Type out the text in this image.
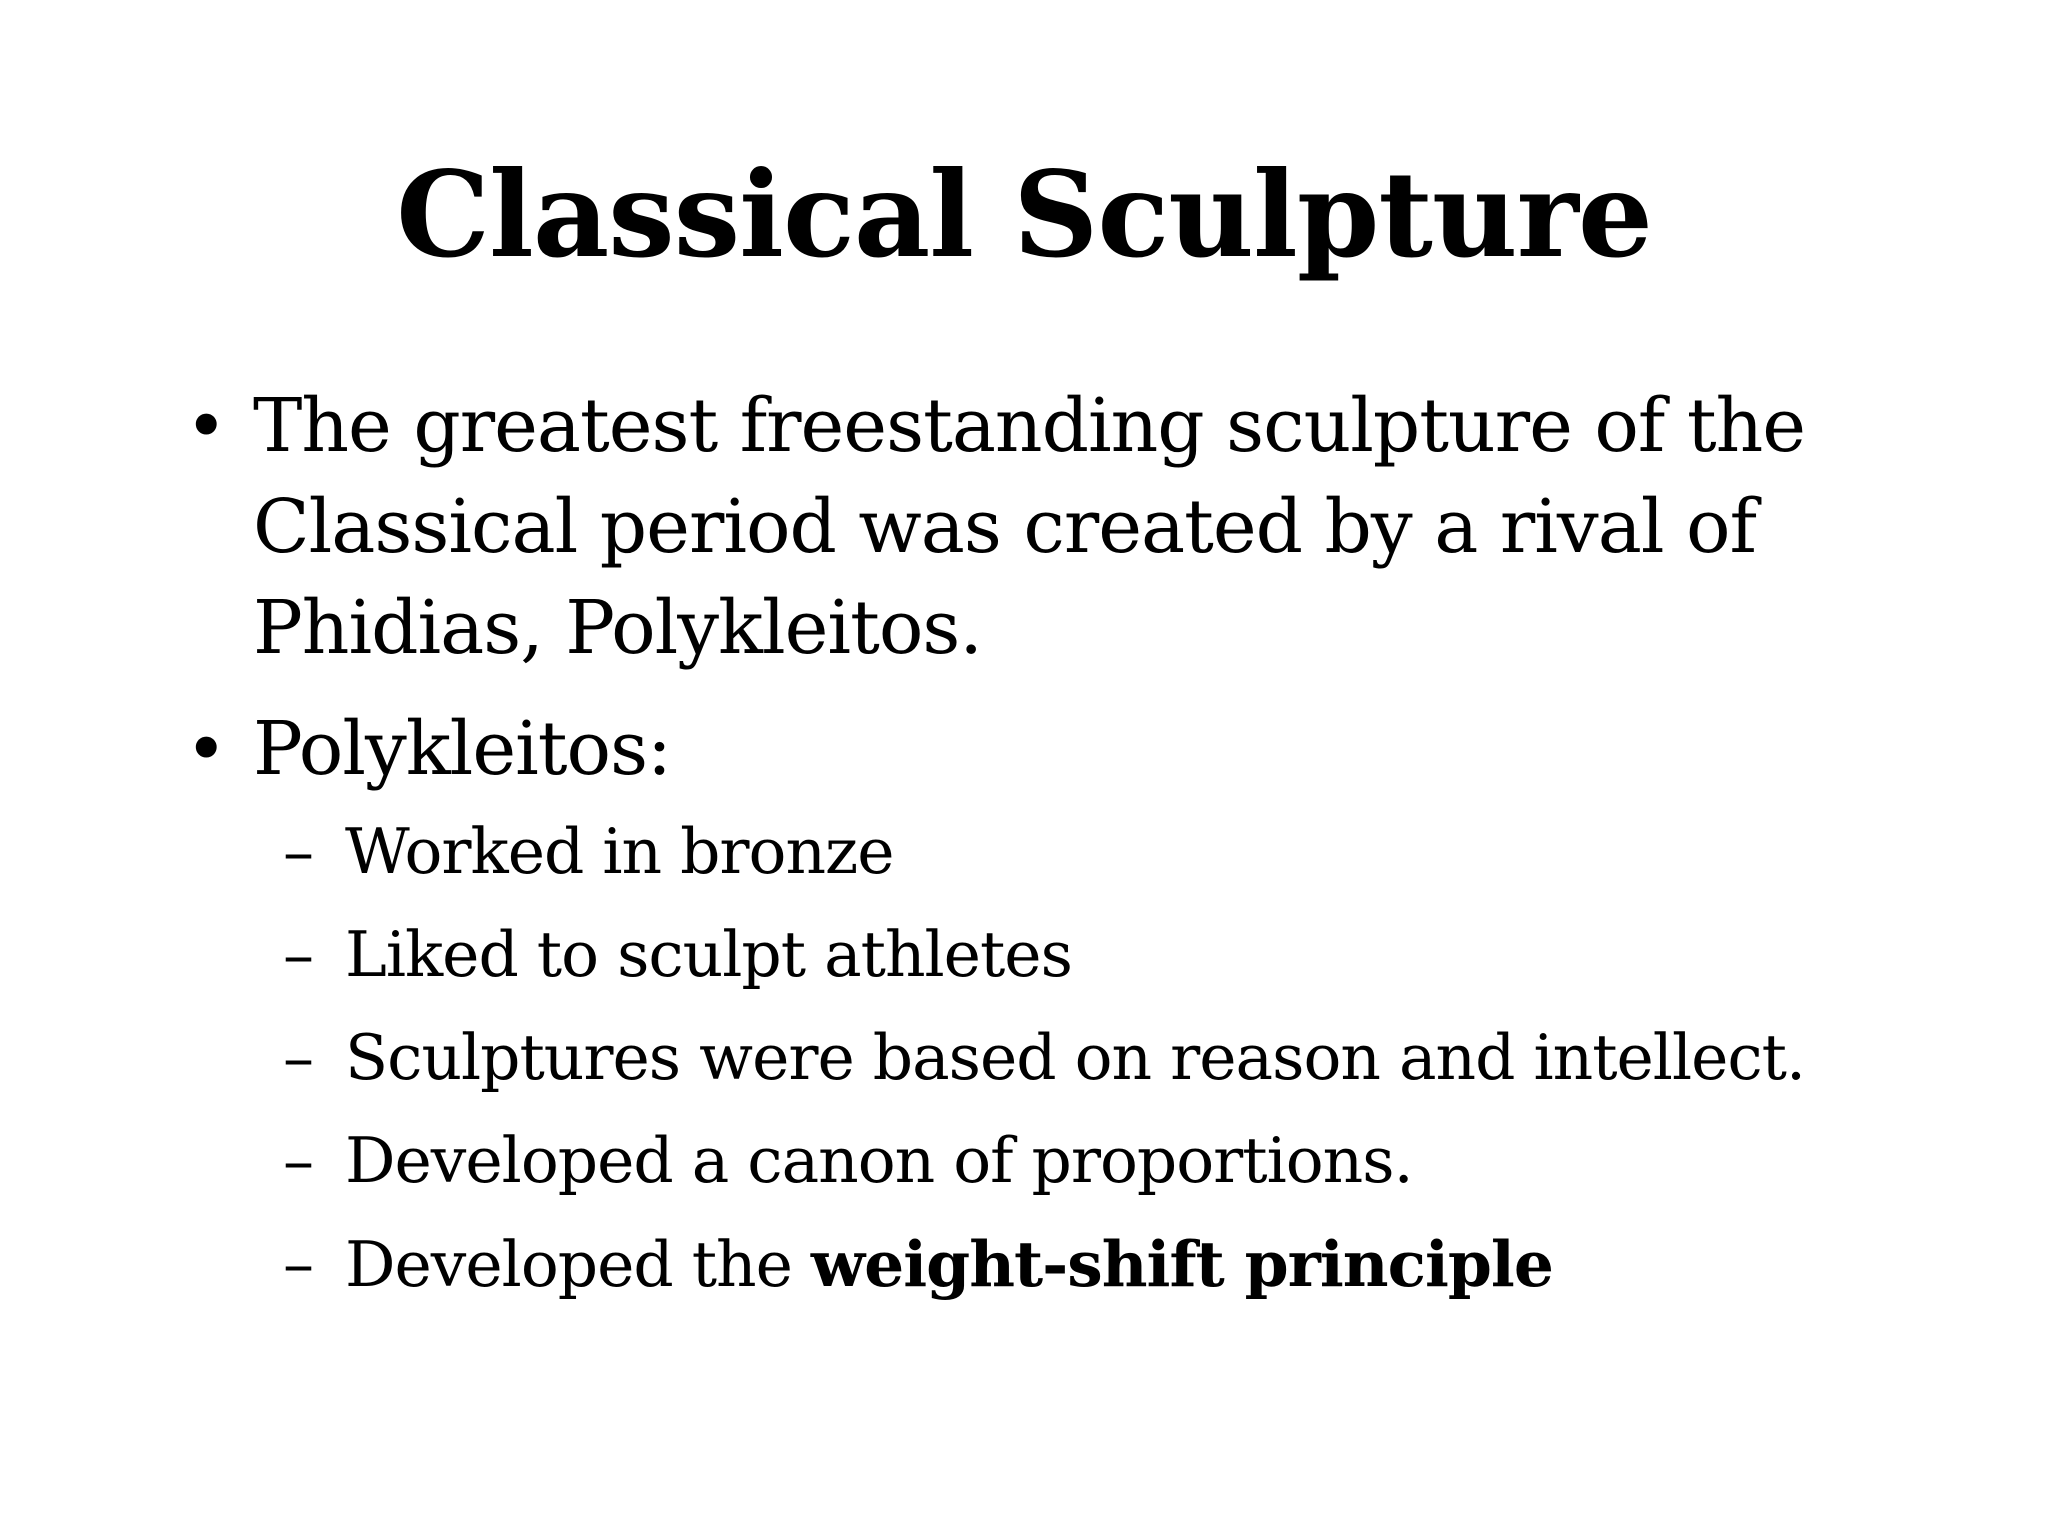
Classical Sculpture
• The greatest freestanding sculpture of the
Classical period was created by a rival of
Phidias, Polykleitos.
• Polykleitos:
– Worked in bronze
– Liked to sculpt athletes
– Sculptures were based on reason and intellect.
– Developed a canon of proportions.
– Developed the weight-shift principle
